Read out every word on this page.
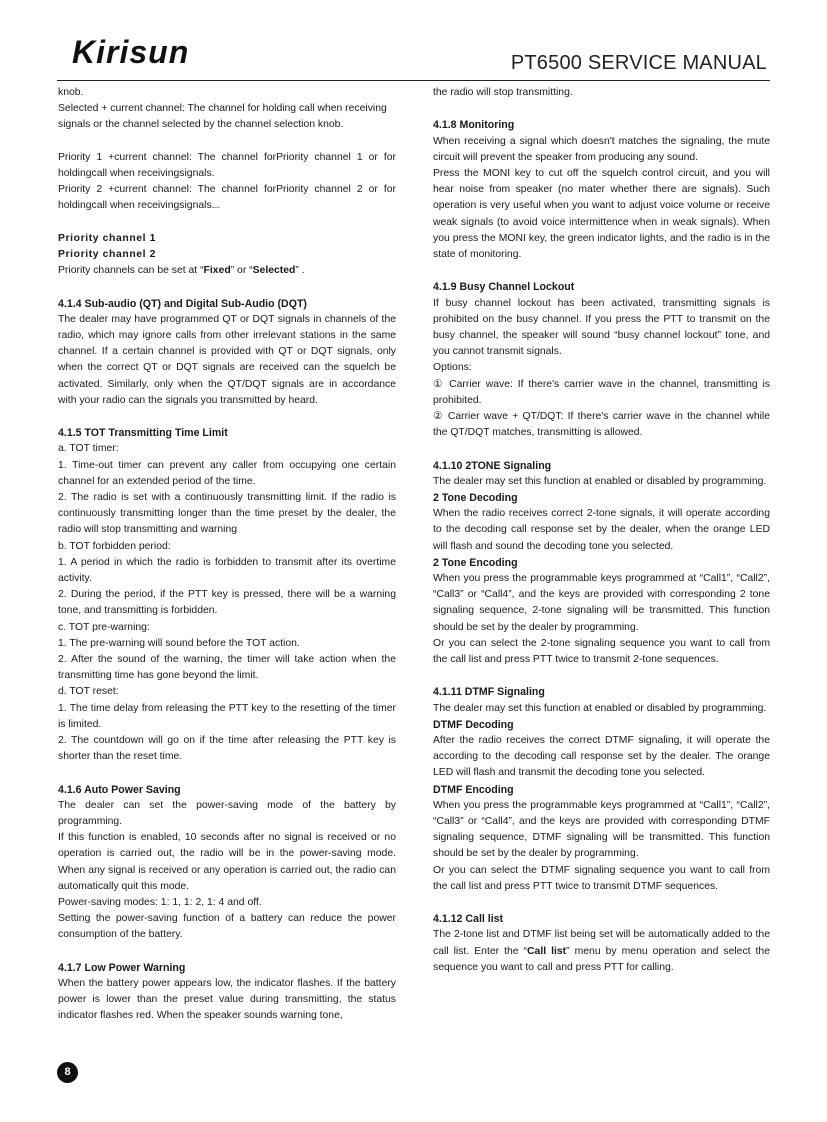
Kirisun	PT6500 SERVICE MANUAL

knob.

Selected + current channel: The channel for holding call when receiving signals or the channel selected by the channel selection knob.

Priority 1 +current channel: The channel forPriority channel 1 or for holdingcall when receivingsignals.

Priority 2 +current channel: The channel forPriority channel 2 or for holdingcall when receivingsignals...

Priority channel 1

Priority channel 2

Priority channels can be set at “Fixed” or “Selected” .

4.1.4 Sub-audio (QT) and Digital Sub-Audio (DQT)

The dealer may have programmed QT or DQT signals in channels of the radio, which may ignore calls from other irrelevant stations in the same channel. If a certain channel is provided with QT or DQT signals, only when the correct QT or DQT signals are received can the squelch be activated. Similarly, only when the QT/DQT signals are in accordance with your radio can the signals you transmitted by heard.

4.1.5 TOT Transmitting Time Limit

a. TOT timer:

1. Time-out timer can prevent any caller from occupying one certain channel for an extended period of the time.

2. The radio is set with a continuously transmitting limit. If the radio is continuously transmitting longer than the time preset by the dealer, the radio will stop transmitting and warning

b. TOT forbidden period:

1. A period in which the radio is forbidden to transmit after its overtime activity.

2. During the period, if the PTT key is pressed, there will be a warning tone, and transmitting is forbidden.

c. TOT pre-warning:

1. The pre-warning will sound before the TOT action.

2. After the sound of the warning, the timer will take action when the transmitting time has gone beyond the limit.

d. TOT reset:

1. The time delay from releasing the PTT key to the resetting of the timer is limited.

2. The countdown will go on if the time after releasing the PTT key is shorter than the reset time.

4.1.6 Auto Power Saving

The dealer can set the power-saving mode of the battery by programming.

If this function is enabled, 10 seconds after no signal is received or no operation is carried out, the radio will be in the power-saving mode. When any signal is received or any operation is carried out, the radio can automatically quit this mode.

Power-saving modes: 1: 1, 1: 2, 1: 4 and off.

Setting the power-saving function of a battery can reduce the power consumption of the battery.

4.1.7 Low Power Warning

When the battery power appears low, the indicator flashes. If the battery power is lower than the preset value during transmitting, the status indicator flashes red. When the speaker sounds warning tone,

the radio will stop transmitting.

4.1.8 Monitoring

When receiving a signal which doesn't matches the signaling, the mute circuit will prevent the speaker from producing any sound.

Press the MONI key to cut off the squelch control circuit, and you will hear noise from speaker (no mater whether there are signals). Such operation is very useful when you want to adjust voice volume or receive weak signals (to avoid voice intermittence when in weak signals). When you press the MONI key, the green indicator lights, and the radio is in the state of monitoring.

4.1.9 Busy Channel Lockout

If busy channel lockout has been activated, transmitting signals is prohibited on the busy channel. If you press the PTT to transmit on the busy channel, the speaker will sound “busy channel lockout” tone, and you cannot transmit signals.

Options:

① Carrier wave: If there's carrier wave in the channel, transmitting is prohibited.

② Carrier wave + QT/DQT: If there's carrier wave in the channel while the QT/DQT matches, transmitting is allowed.

4.1.10 2TONE Signaling

The dealer may set this function at enabled or disabled by programming.

2 Tone Decoding

When the radio receives correct 2-tone signals, it will operate according to the decoding call response set by the dealer, when the orange LED will flash and sound the decoding tone you selected.

2 Tone Encoding

When you press the programmable keys programmed at “Call1”, “Call2”, “Call3” or “Call4”, and the keys are provided with corresponding 2 tone signaling sequence, 2-tone signaling will be transmitted. This function should be set by the dealer by programming.

Or you can select the 2-tone signaling sequence you want to call from the call list and press PTT twice to transmit 2-tone sequences.

4.1.11 DTMF Signaling

The dealer may set this function at enabled or disabled by programming.

DTMF Decoding

After the radio receives the correct DTMF signaling, it will operate the according to the decoding call response set by the dealer. The orange LED will flash and transmit the decoding tone you selected.

DTMF Encoding

When you press the programmable keys programmed at “Call1”, “Call2”, “Call3” or “Call4”, and the keys are provided with corresponding DTMF signaling sequence, DTMF signaling will be transmitted. This function should be set by the dealer by programming.

Or you can select the DTMF signaling sequence you want to call from the call list and press PTT twice to transmit DTMF sequences.

4.1.12 Call list

The 2-tone list and DTMF list being set will be automatically added to the call list. Enter the “Call list” menu by menu operation and select the sequence you want to call and press PTT for calling.

8
